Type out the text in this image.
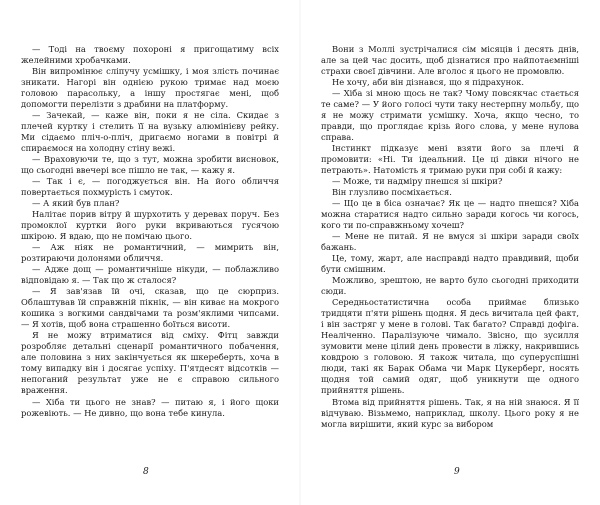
— Тоді на твоєму похороні я пригощатиму всіх желейними хробачками.

Він випромінює сліпучу усмішку, і моя злість починає зникати. Нагорі він однією рукою тримає над моєю головою парасольку, а іншу простягає мені, щоб допомогти перелізти з драбини на платформу.

— Зачекай, — каже він, поки я не сіла. Скидає з плечей куртку і стелить її на вузьку алюмінієву рейку. Ми сідаємо пліч-о-пліч, дригаємо ногами в повітрі й спираємося на холодну стіну вежі.

— Враховуючи те, що з тут, можна зробити висновок, що сьогодні ввечері все пішло не так, — кажу я.

— Так і є, — погоджується він. На його обличчя повертається похмурість і смуток.

— А який був план?

Налітає порив вітру й шурхотить у деревах поруч. Без промоклої куртки його руки вкриваються гусячою шкірою. Я вдаю, що не помічаю цього.

— Аж ніяк не романтичний, — мимрить він, розтираючи долонями обличчя.

— Адже дощ — романтичніше нікуди, — поблажливо відповідаю я. — Так що ж сталося?

— Я зав'язав їй очі, сказав, що це сюрприз. Облаштував їй справжній пікнік, — він киває на мокрого кошика з вогкими сандвічами та розм'яклими чипсами. — Я хотів, щоб вона страшенно боїться висоти.

Я не можу втриматися від сміху. Фітц завжди розробляє детальні сценарії романтичного побачення, але половина з них закінчується як шкереберть, хоча в тому випадку він і досягає успіху. П'ятдесят відсотків — непоганий результат уже не є справою сильного враження.

— Хіба ти цього не знав? — питаю я, і його щоки рожевіють. — Не дивно, що вона тебе кинула.

8

Вони з Моллі зустрічалися сім місяців і десять днів, але за цей час досить, щоб дізнатися про найпотаємніші страхи своєї дівчини. Але вголос я цього не промовлю.

Не хочу, аби він дізнався, що я підрахунок.

— Хіба зі мною щось не так? Чому повсякчас стається те саме? — У його голосі чути таку нестерпну мольбу, що я не можу стримати усмішку. Хоча, якщо чесно, то правди, що проглядає крізь його слова, у мене нулова справа.

Інстинкт підказує мені взяти його за плечі й промовити: «Ні. Ти ідеальний. Це ці дівки нічого не петрають». Натомість я тримаю руки при собі й кажу:

— Може, ти надміру пнешся зі шкіри?

Він глузливо посміхається.

— Що це в біса означає? Як це — надто пнешся? Хіба можна старатися надто сильно заради когось чи когось, кого ти по-справжньому хочеш?

— Мене не питай. Я не вмуся зі шкіри заради своїх бажань.

Це, тому, жарт, але насправді надто правдивий, щоби бути смішним.

Можливо, зрештою, не варто було сьогодні приходити сюди.

Середньостатистична особа приймає близько тридцяти п'яти рішень щодня. Я десь вичитала цей факт, і він застряг у мене в голові. Так багато? Справді дофіга. Неаліченно. Паралізуюче чимало. Звісно, що зусилля зумовити мене цілий день провести в ліжку, накрившись ковдрою з головою. Я також читала, що суперуспішні люди, такі як Барак Обама чи Марк Цукерберг, носять щодня той самий одяг, щоб уникнути ще одного прийняття рішень.

Втома від прийняття рішень. Так, я на ній знаюся. Я її відчуваю. Візьмемо, наприклад, школу. Цього року я не могла вирішити, який курс за вибором

9
